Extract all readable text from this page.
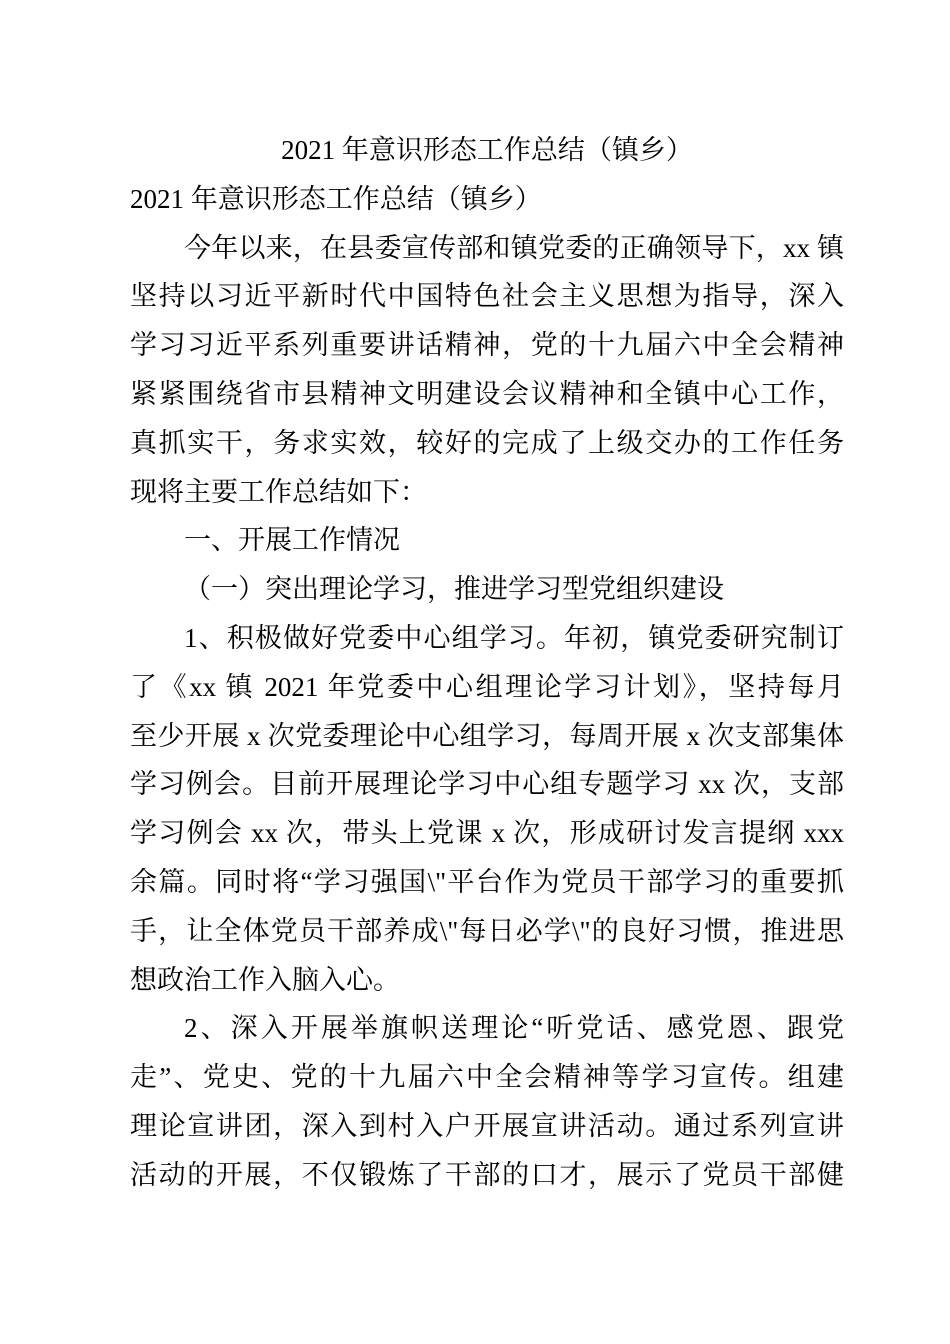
2021 年意识形态工作总结（镇乡）
2021 年意识形态工作总结（镇乡）
今年以来，在县委宣传部和镇党委的正确领导下，xx 镇
坚持以习近平新时代中国特色社会主义思想为指导，深入
学习习近平系列重要讲话精神，党的十九届六中全会精神
紧紧围绕省市县精神文明建设会议精神和全镇中心工作，
真抓实干，务求实效，较好的完成了上级交办的工作任务
现将主要工作总结如下：
一、开展工作情况
（一）突出理论学习，推进学习型党组织建设
1、积极做好党委中心组学习。年初，镇党委研究制订
了《xx 镇 2021 年党委中心组理论学习计划》，坚持每月
至少开展 x 次党委理论中心组学习，每周开展 x 次支部集体
学习例会。目前开展理论学习中心组专题学习 xx 次，支部
学习例会 xx 次，带头上党课 x 次，形成研讨发言提纲 xxx
余篇。同时将“学习强国\"平台作为党员干部学习的重要抓
手，让全体党员干部养成\"每日必学\"的良好习惯，推进思
想政治工作入脑入心。
2、深入开展举旗帜送理论“听党话、感党恩、跟党
走”、党史、党的十九届六中全会精神等学习宣传。组建
理论宣讲团，深入到村入户开展宣讲活动。通过系列宣讲
活动的开展，不仅锻炼了干部的口才，展示了党员干部健
